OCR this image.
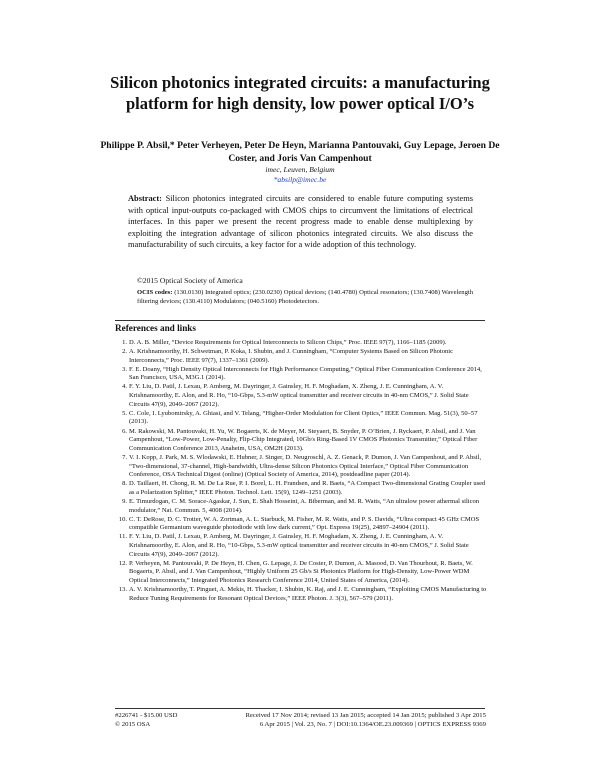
Silicon photonics integrated circuits: a manufacturing platform for high density, low power optical I/O’s
Philippe P. Absil,* Peter Verheyen, Peter De Heyn, Marianna Pantouvaki, Guy Lepage, Jeroen De Coster, and Joris Van Campenhout
imec, Leuven, Belgium
*absilp@imec.be
Abstract: Silicon photonics integrated circuits are considered to enable future computing systems with optical input-outputs co-packaged with CMOS chips to circumvent the limitations of electrical interfaces. In this paper we present the recent progress made to enable dense multiplexing by exploiting the integration advantage of silicon photonics integrated circuits. We also discuss the manufacturability of such circuits, a key factor for a wide adoption of this technology.
©2015 Optical Society of America
OCIS codes: (130.0130) Integrated optics; (230.0230) Optical devices; (140.4780) Optical resonators; (130.7408) Wavelength filtering devices; (130.4110) Modulators; (040.5160) Photodetectors.
References and links
1. D. A. B. Miller, “Device Requirements for Optical Interconnects to Silicon Chips,” Proc. IEEE 97(7), 1166–1185 (2009).
2. A. Krishnamoorthy, H. Schwetman, P. Koka, I. Shubin, and J. Cunningham, “Computer Systems Based on Silicon Photonic Interconnects,” Proc. IEEE 97(7), 1337–1361 (2009).
3. F. E. Doany, “High Density Optical Interconnects for High Performance Computing,” Optical Fiber Communication Conference 2014, San Francisco, USA, M3G.1 (2014).
4. F. Y. Liu, D. Patil, J. Lexau, P. Amberg, M. Dayringer, J. Gainsley, H. F. Moghadam, X. Zheng, J. E. Cunningham, A. V. Krishnamoorthy, E. Alon, and R. Ho, “10-Gbps, 5.3-mW optical transmitter and receiver circuits in 40-nm CMOS,” J. Solid State Circuits 47(9), 2049–2067 (2012).
5. C. Cole, I. Lyubomirsky, A. Ghiasi, and V. Telang, “Higher-Order Modulation for Client Optics,” IEEE Commun. Mag. 51(3), 50–57 (2013).
6. M. Rakowski, M. Pantouvaki, H. Yu, W. Bogaerts, K. de Meyer, M. Steyaert, B. Snyder, P. O’Brien, J. Ryckaert, P. Absil, and J. Van Campenhout, “Low-Power, Low-Penalty, Flip-Chip Integrated, 10Gb/s Ring-Based 1V CMOS Photonics Transmitter,” Optical Fiber Communication Conference 2013, Anaheim, USA, OM2H (2013).
7. V. I. Kopp, J. Park, M. S. Wlodawski, E. Hubner, J. Singer, D. Neugroschl, A. Z. Genack, P. Dumon, J. Van Campenhout, and P. Absil, “Two-dimensional, 37-channel, High-bandwidth, Ultra-dense Silicon Photonics Optical Interface,” Optical Fiber Communication Conference, OSA Technical Digest (online) (Optical Society of America, 2014), postdeadline paper (2014).
8. D. Taillaert, H. Chong, R. M. De La Rue, P. I. Borel, L. H. Frandsen, and R. Baets, “A Compact Two-dimensional Grating Coupler used as a Polarization Splitter,” IEEE Photon. Technol. Lett. 15(9), 1249–1251 (2003).
9. E. Timurdogan, C. M. Sorace-Agaskar, J. Sun, E. Shah Hosseini, A. Biberman, and M. R. Watts, “An ultralow power athermal silicon modulator,” Nat. Commun. 5, 4008 (2014).
10. C. T. DeRose, D. C. Trotter, W. A. Zortman, A. L. Starbuck, M. Fisher, M. R. Watts, and P. S. Davids, “Ultra compact 45 GHz CMOS compatible Germanium waveguide photodiode with low dark current,” Opt. Express 19(25), 24897–24904 (2011).
11. F. Y. Liu, D. Patil, J. Lexau, P. Amberg, M. Dayringer, J. Gainsley, H. F. Moghadam, X. Zheng, J. E. Cunningham, A. V. Krishnamoorthy, E. Alon, and R. Ho, “10-Gbps, 5.3-mW optical transmitter and receiver circuits in 40-nm CMOS,” J. Solid State Circuits 47(9), 2049–2067 (2012).
12. P. Verheyen, M. Pantouvaki, P. De Heyn, H. Chen, G. Lepage, J. De Coster, P. Dumon, A. Masood, D. Van Thourhout, R. Baets, W. Bogaerts, P. Absil, and J. Van Campenhout, “Highly Uniform 25 Gb/s Si Photonics Platform for High-Density, Low-Power WDM Optical Interconnects,” Integrated Photonics Research Conference 2014, United States of America, (2014).
13. A. V. Krishnamoorthy, T. Pinguet, A. Mekis, H. Thacker, I. Shubin, K. Raj, and J. E. Cunningham, “Exploiting CMOS Manufacturing to Reduce Tuning Requirements for Resonant Optical Devices,” IEEE Photon. J. 3(3), 567–579 (2011).
#226741 - $15.00 USD
© 2015 OSA
Received 17 Nov 2014; revised 13 Jan 2015; accepted 14 Jan 2015; published 3 Apr 2015
6 Apr 2015 | Vol. 23, No. 7 | DOI:10.1364/OE.23.009369 | OPTICS EXPRESS 9369
